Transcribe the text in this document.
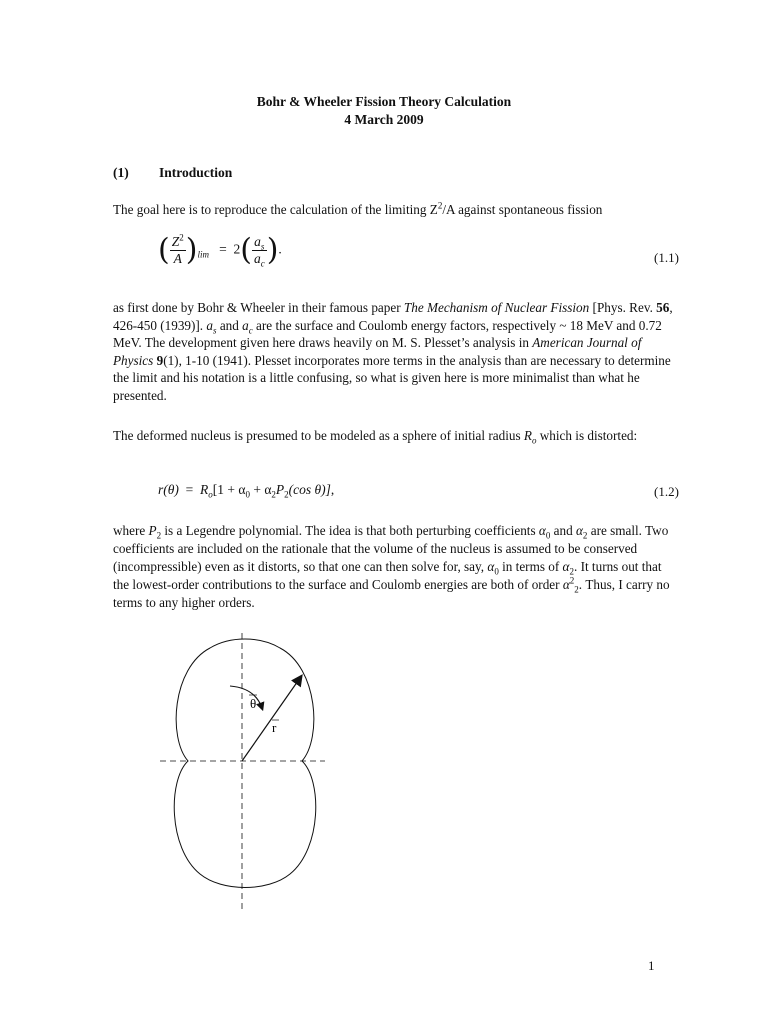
Bohr & Wheeler Fission Theory Calculation
4 March 2009
(1) Introduction
The goal here is to reproduce the calculation of the limiting $Z^2/A$ against spontaneous fission
( $\frac{Z^2}{A} )_{lim} = 2( \frac{a_s}{a_c}$ ).
(1.1)
as first done by Bohr & Wheeler in their famous paper The Mechanism of Nuclear Fission [Phys. Rev. 56, 426-450 (1939)]. $a_s$ and $a_c$ are the surface and Coulomb energy factors, respectively ~ 18 MeV and 0.72 MeV. The development given here draws heavily on M. S. Plesset’s analysis in American Journal of Physics 9(1), 1-10 (1941). Plesset incorporates more terms in the analysis than are necessary to determine the limit and his notation is a little confusing, so what is given here is more minimalist than what he presented.
The deformed nucleus is presumed to be modeled as a sphere of initial radius $R_o$ which is distorted:
$r(\theta) = R_o[1 + \alpha_0 + \alpha_2P_2(\cos$ θ)],	(1.2)
where $P_2$ is a Legendre polynomial. The idea is that both perturbing coefficients $\alpha_0$ and $\alpha_2$ are small. Two coefficients are included on the rationale that the volume of the nucleus is assumed to be conserved (incompressible) even as it distorts, so that one can then solve for, say, $\alpha_0$ in terms of $\alpha_2$. It turns out that the lowest-order contributions to the surface and Coulomb energies are both of order $\alpha^2_2$. Thus, I carry no terms to any higher orders.
θ
r
1
